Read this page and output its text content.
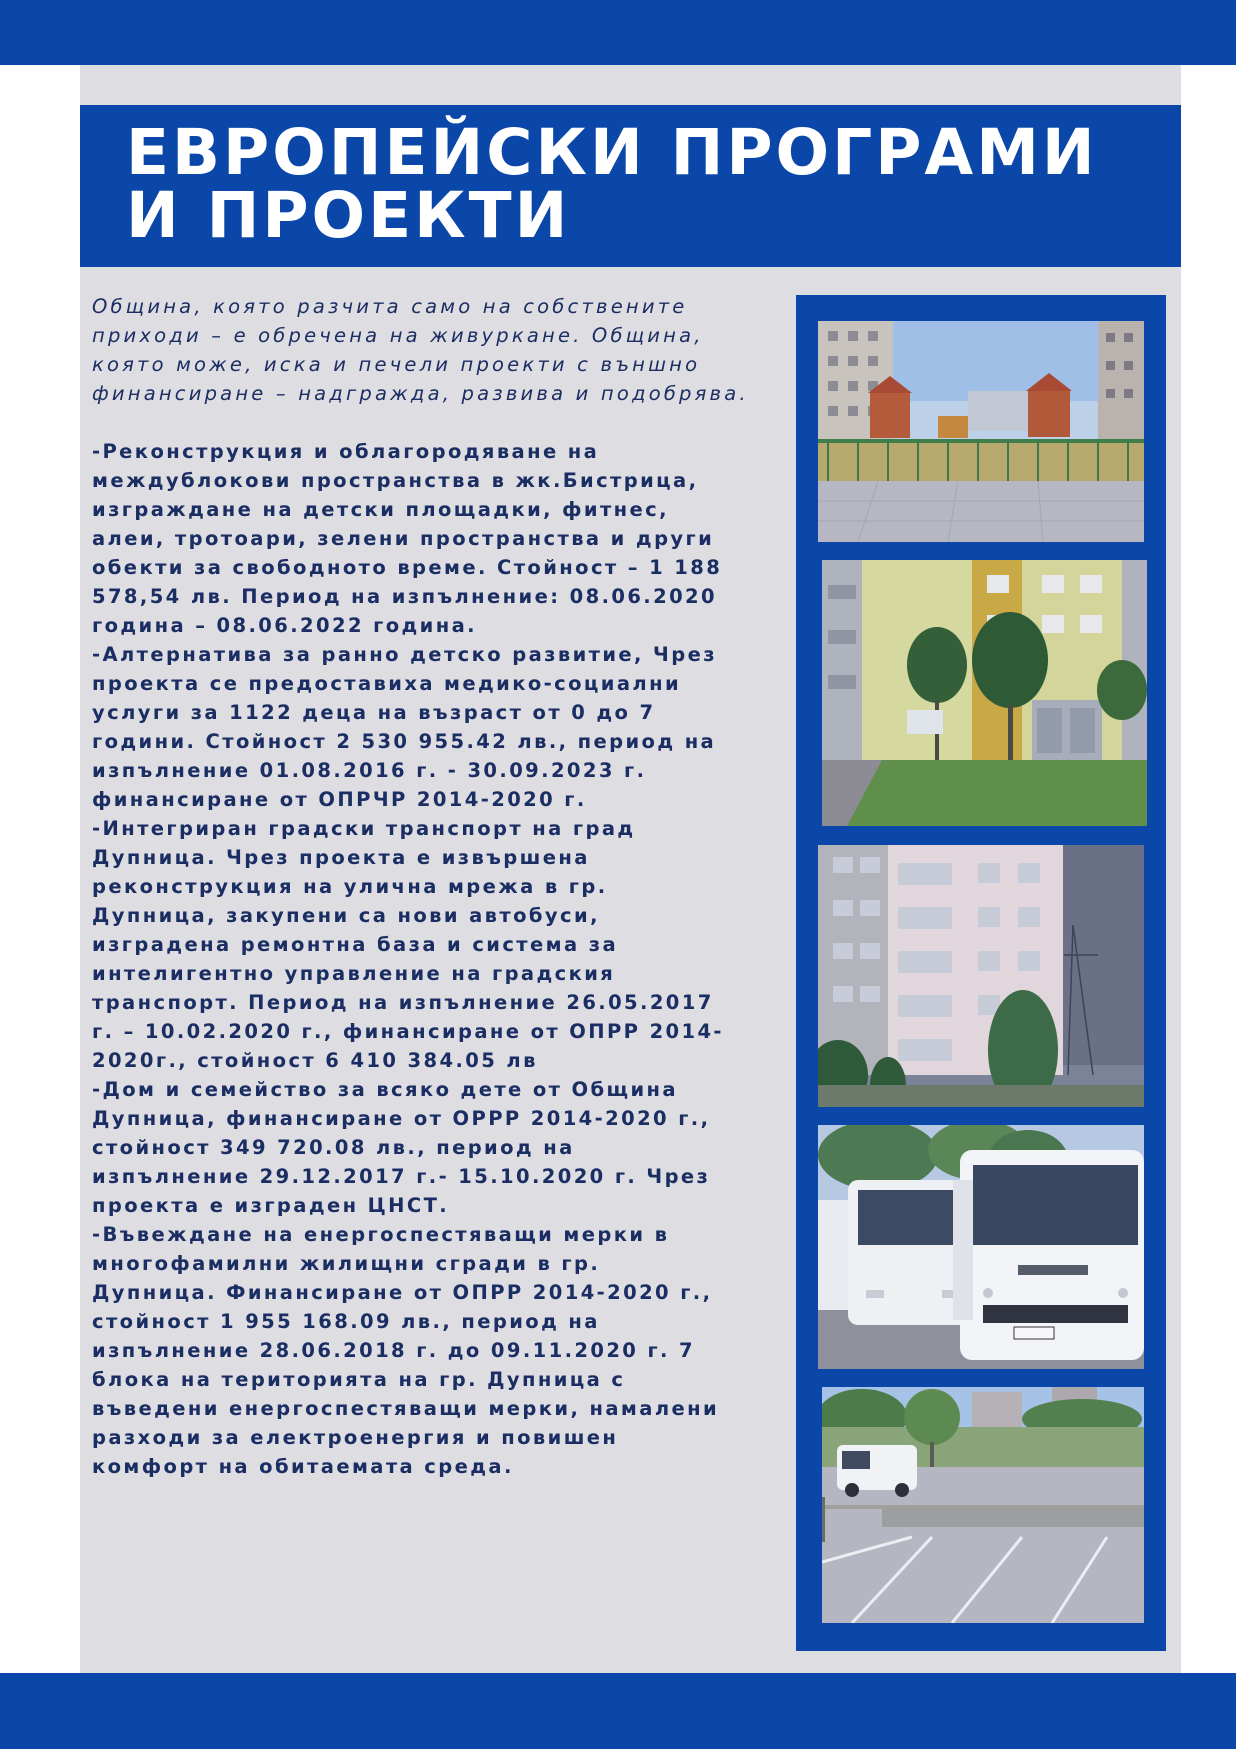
ЕВРОПЕЙСКИ ПРОГРАМИ
И ПРОЕКТИ
Община, която разчита само на собствените
приходи – е обречена на живуркане. Община,
която може, иска и печели проекти с външно
финансиране – надгражда, развива и подобрява.
-Реконструкция и облагородяване на
междублокови пространства в жк.Бистрица,
изграждане на детски площадки, фитнес,
алеи, тротоари, зелени пространства и други
обекти за свободното време. Стойност – 1 188
578,54 лв. Период на изпълнение: 08.06.2020
година – 08.06.2022 година.
-Алтернатива за ранно детско развитие, Чрез
проекта се предоставиха медико-социални
услуги за 1122 деца на възраст от 0 до 7
години. Стойност 2 530 955.42 лв., период на
изпълнение 01.08.2016 г. - 30.09.2023 г.
финансиране от ОПРЧР 2014-2020 г.
-Интегриран градски транспорт на град
Дупница. Чрез проекта е извършена
реконструкция на улична мрежа в гр.
Дупница, закупени са нови автобуси,
изградена ремонтна база и система за
интелигентно управление на градския
транспорт. Период на изпълнение 26.05.2017
г. – 10.02.2020 г., финансиране от ОПРР 2014-
2020г., стойност 6 410 384.05 лв
-Дом и семейство за всяко дете от Община
Дупница, финансиране от ОРРР 2014-2020 г.,
стойност 349 720.08 лв., период на
изпълнение 29.12.2017 г.- 15.10.2020 г. Чрез
проекта е изграден ЦНСТ.
-Въвеждане на енергоспестяващи мерки в
многофамилни жилищни сгради в гр.
Дупница. Финансиране от ОПРР 2014-2020 г.,
стойност 1 955 168.09 лв., период на
изпълнение 28.06.2018 г. до 09.11.2020 г. 7
блока на територията на гр. Дупница с
въведени енергоспестяващи мерки, намалени
разходи за електроенергия и повишен
комфорт на обитаемата среда.
